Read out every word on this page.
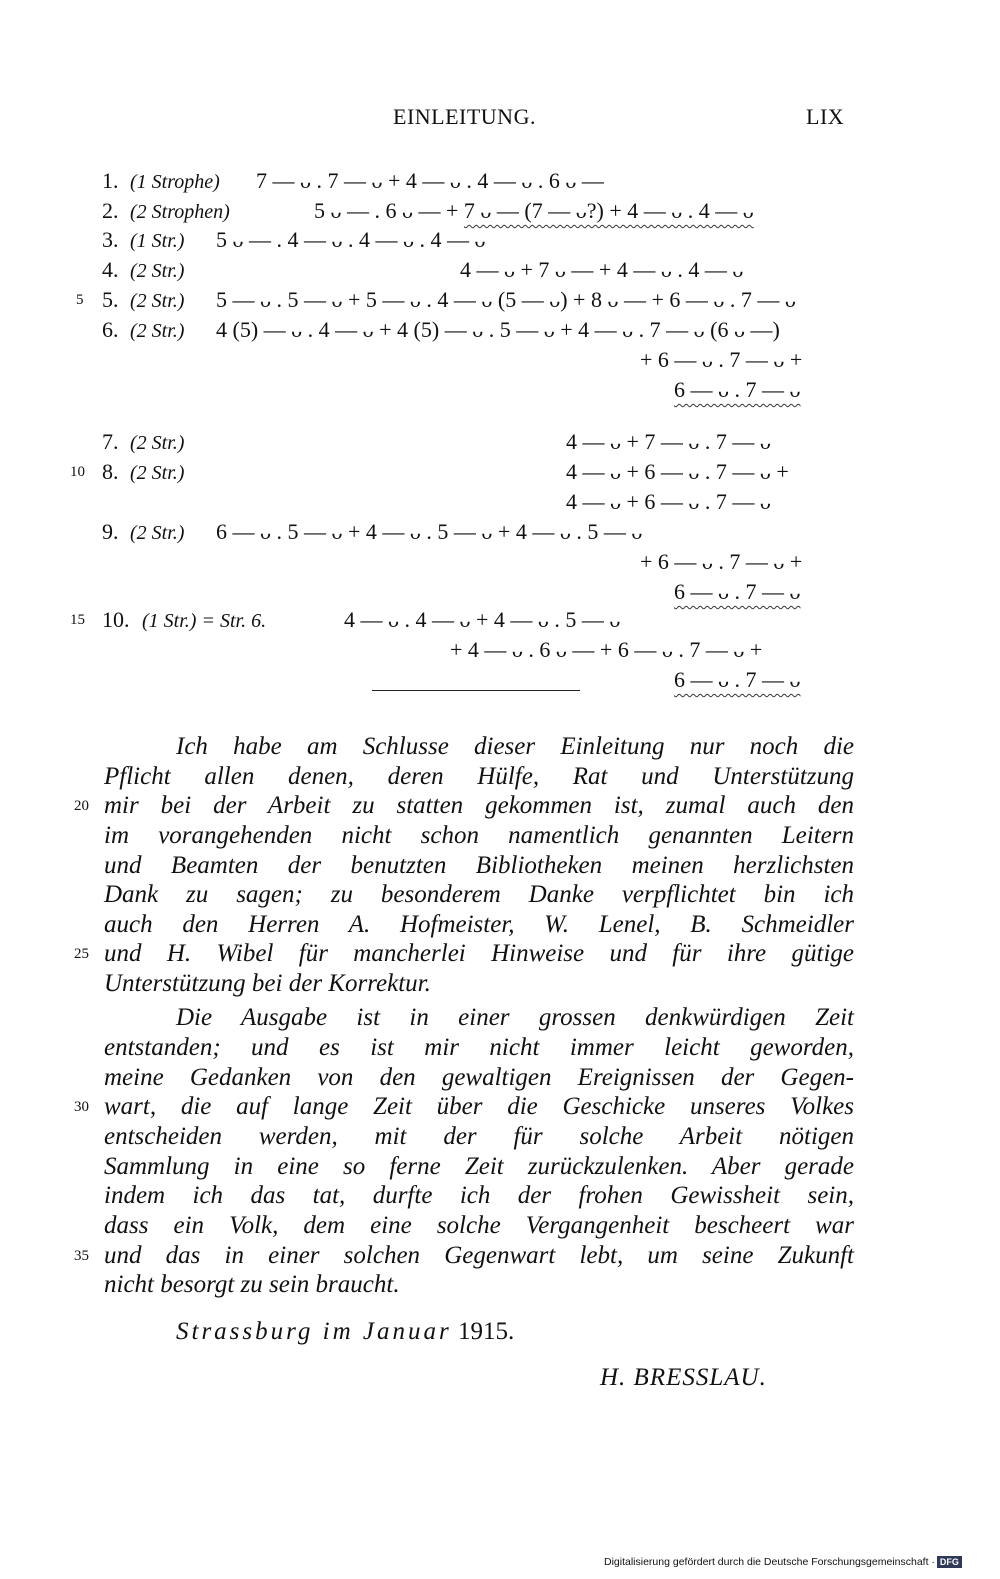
EINLEITUNG.	LIX
1. (1 Strophe) 7 — ᴗ . 7 — ᴗ + 4 — ᴗ . 4 — ᴗ . 6 ᴗ —
2. (2 Strophen)	5 ᴗ — . 6 ᴗ — + 7 ᴗ — (7 — ᴗ?) + 4 — ᴗ . 4 — ᴗ
3. (1 Str.) 5 ᴗ — . 4 — ᴗ . 4 — ᴗ . 4 — ᴗ
4. (2 Str.)	4 — ᴗ + 7 ᴗ — + 4 — ᴗ . 4 — ᴗ
5 5. (2 Str.) 5 — ᴗ . 5 — ᴗ + 5 — ᴗ . 4 — ᴗ (5 — ᴗ) + 8 ᴗ — + 6 — ᴗ . 7 — ᴗ
6. (2 Str.) 4 (5) — ᴗ . 4 — ᴗ + 4 (5) — ᴗ . 5 — ᴗ + 4 — ᴗ . 7 — ᴗ (6 ᴗ —)
+ 6 — ᴗ . 7 — ᴗ +
6 — ᴗ . 7 — ᴗ
7. (2 Str.)	4 — ᴗ + 7 — ᴗ . 7 — ᴗ
10 8. (2 Str.)	4 — ᴗ + 6 — ᴗ . 7 — ᴗ +
4 — ᴗ + 6 — ᴗ . 7 — ᴗ
9. (2 Str.) 6 — ᴗ . 5 — ᴗ + 4 — ᴗ . 5 — ᴗ + 4 — ᴗ . 5 — ᴗ
+ 6 — ᴗ . 7 — ᴗ +
6 — ᴗ . 7 — ᴗ
15 10. (1 Str.) = Str. 6.	4 — ᴗ . 4 — ᴗ + 4 — ᴗ . 5 — ᴗ
+ 4 — ᴗ . 6 ᴗ — + 6 — ᴗ . 7 — ᴗ +
6 — ᴗ . 7 — ᴗ
Ich habe am Schlusse dieser Einleitung nur noch die
Pflicht allen denen, deren Hülfe, Rat und Unterstützung
20 mir bei der Arbeit zu statten gekommen ist, zumal auch den
im vorangehenden nicht schon namentlich genannten Leitern
und Beamten der benutzten Bibliotheken meinen herzlichsten
Dank zu sagen; zu besonderem Danke verpflichtet bin ich
auch den Herren A. Hofmeister, W. Lenel, B. Schmeidler
25 und H. Wibel für mancherlei Hinweise und für ihre gütige
Unterstützung bei der Korrektur.
Die Ausgabe ist in einer grossen denkwürdigen Zeit
entstanden; und es ist mir nicht immer leicht geworden,
meine Gedanken von den gewaltigen Ereignissen der Gegen-
30 wart, die auf lange Zeit über die Geschicke unseres Volkes
entscheiden werden, mit der für solche Arbeit nötigen
Sammlung in eine so ferne Zeit zurückzulenken. Aber gerade
indem ich das tat, durfte ich der frohen Gewissheit sein,
dass ein Volk, dem eine solche Vergangenheit bescheert war
35 und das in einer solchen Gegenwart lebt, um seine Zukunft
nicht besorgt zu sein braucht.
Strassburg im Januar 1915.
H. BRESSLAU.
Digitalisierung gefördert durch die Deutsche Forschungsgemeinschaft · DFG
